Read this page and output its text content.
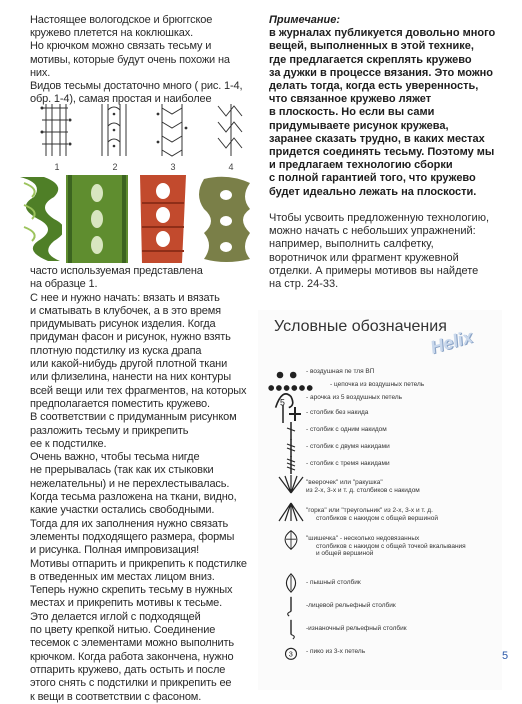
Настоящее вологодское и брюггское

кружево плетется на коклюшках.

Но крючком можно связать тесьму и

мотивы, которые будут очень похожи на них.

Видов тесьмы достаточно много ( рис. 1-4,

обр. 1-4), самая простая и наиболее

1	2	3	4

часто используемая представлена

на образце 1.

С нее и нужно начать: вязать и вязать

и сматывать в клубочек, а в это время

придумывать рисунок изделия. Когда

придуман фасон и рисунок, нужно взять

плотную подстилку из куска драпа

или какой-нибудь другой плотной ткани

или флизелина, нанести на них контуры

всей вещи или тех фрагментов, на которых

предполагается поместить кружево.

В соответствии с придуманным рисунком

разложить тесьму и прикрепить

ее к подстилке.

Очень важно, чтобы тесьма нигде

не прерывалась (так как их стыковки

нежелательны) и не перехлестывалась.

Когда тесьма разложена на ткани, видно,

какие участки остались свободными.

Тогда для их заполнения нужно связать

элементы подходящего размера, формы

и рисунка. Полная импровизация!

Мотивы отпарить и прикрепить к подстилке

в отведенных им местах лицом вниз.

Теперь нужно скрепить тесьму в нужных

местах и прикрепить мотивы к тесьме.

Это делается иглой с подходящей

по цвету крепкой нитью. Соединение

тесемок с элементами можно выполнить

крючком. Когда работа закончена, нужно

отпарить кружево, дать остыть и после

этого снять с подстилки и прикрепить ее

к вещи в соответствии с фасоном.

Примечание:

в журналах публикуется довольно много

вещей, выполненных в этой технике,

где предлагается скреплять кружево

за дужки в процессе вязания. Это можно

делать тогда, когда есть уверенность,

что связанное кружево ляжет

в плоскость. Но если вы сами

придумываете рисунок кружева,

заранее сказать трудно, в каких местах

придется соединять тесьму. Поэтому мы

и предлагаем технологию сборки

с полной гарантией того, что кружево

будет идеально лежать на плоскости.

Чтобы усвоить предложенную технологию,

можно начать с небольших упражнений:

например, выполнить салфетку,

воротничок или фрагмент кружевной

отделки. А примеры мотивов вы найдете

на стр. 24-33.

Условные обозначения
Helix
- воздушная пе тля ВП
- цепочка из воздушных петель
5	- арочка из 5 воздушных петель
- столбик без накида
- столбик с одним накидом
- столбик с двумя накидами
- столбик с тремя накидами
"веерочек" или "ракушка"
из 2-х, 3-х и т. д. столбиков с накидом
"горка" или "треугольник" из 2-х, 3-х и т. д.
столбиков с накидом с общей вершиной
"шишечка" - несколько недовязанных
столбиков с накидом с общей точкой вкалывания
и общей вершиной
- пышный столбик
-лицевой рельефный столбик
-изнаночный рельефный столбик
3 - пико из 3-х петель	5
